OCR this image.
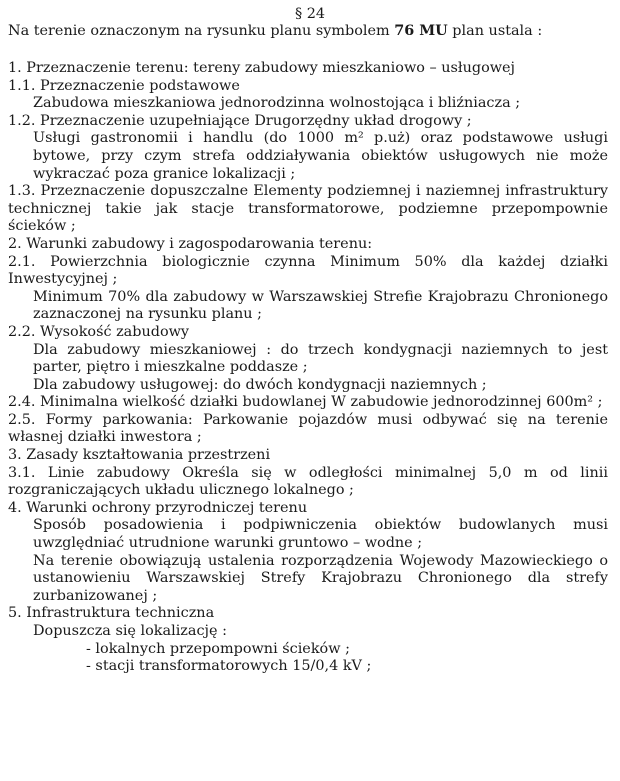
§ 24
Na terenie oznaczonym na rysunku planu symbolem 76 MU plan ustala :
1. Przeznaczenie terenu: tereny zabudowy mieszkaniowo – usługowej
1.1. Przeznaczenie podstawowe
Zabudowa mieszkaniowa jednorodzinna wolnostojąca i bliźniacza ;
1.2. Przeznaczenie uzupełniające Drugorzędny układ drogowy ;
Usługi gastronomii i handlu (do 1000 m² p.uż) oraz podstawowe usługi bytowe, przy czym strefa oddziaływania obiektów usługowych nie może wykraczać poza granice lokalizacji ;
1.3. Przeznaczenie dopuszczalne Elementy podziemnej i naziemnej infrastruktury technicznej takie jak stacje transformatorowe, podziemne przepompownie ścieków ;
2. Warunki zabudowy i zagospodarowania terenu:
2.1. Powierzchnia biologicznie czynna Minimum 50% dla każdej działki Inwestycyjnej ;
Minimum 70% dla zabudowy w Warszawskiej Strefie Krajobrazu Chronionego zaznaczonej na rysunku planu ;
2.2. Wysokość zabudowy
Dla zabudowy mieszkaniowej : do trzech kondygnacji naziemnych to jest parter, piętro i mieszkalne poddasze ;
Dla zabudowy usługowej: do dwóch kondygnacji naziemnych ;
2.4. Minimalna wielkość działki budowlanej W zabudowie jednorodzinnej 600m² ;
2.5. Formy parkowania: Parkowanie pojazdów musi odbywać się na terenie własnej działki inwestora ;
3. Zasady kształtowania przestrzeni
3.1. Linie zabudowy Określa się w odległości minimalnej 5,0 m od linii rozgraniczających układu ulicznego lokalnego ;
4. Warunki ochrony przyrodniczej terenu
Sposób posadowienia i podpiwniczenia obiektów budowlanych musi uwzględniać utrudnione warunki gruntowo – wodne ;
Na terenie obowiązują ustalenia rozporządzenia Wojewody Mazowieckiego o ustanowieniu Warszawskiej Strefy Krajobrazu Chronionego dla strefy zurbanizowanej ;
5. Infrastruktura techniczna
Dopuszcza się lokalizację :
- lokalnych przepompowni ścieków ;
- stacji transformatorowych 15/0,4 kV ;
